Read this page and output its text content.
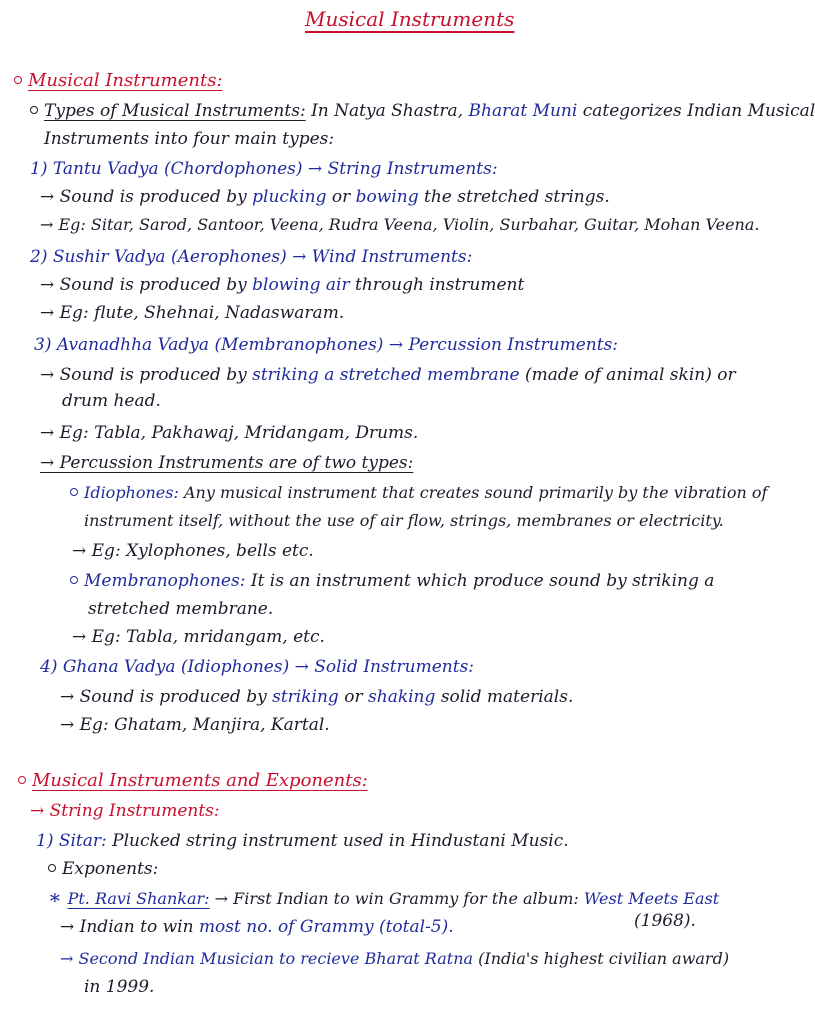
Musical Instruments
Musical Instruments:
Types of Musical Instruments: In Natya Shastra, Bharat Muni categorizes Indian Musical
Instruments into four main types:
1) Tantu Vadya (Chordophones) → String Instruments:
→ Sound is produced by plucking or bowing the stretched strings.
→ Eg: Sitar, Sarod, Santoor, Veena, Rudra Veena, Violin, Surbahar, Guitar, Mohan Veena.
2) Sushir Vadya (Aerophones) → Wind Instruments:
→ Sound is produced by blowing air through instrument
→ Eg: flute, Shehnai, Nadaswaram.
3) Avanadhha Vadya (Membranophones) → Percussion Instruments:
→ Sound is produced by striking a stretched membrane (made of animal skin) or
drum head.
→ Eg: Tabla, Pakhawaj, Mridangam, Drums.
→ Percussion Instruments are of two types:
Idiophones: Any musical instrument that creates sound primarily by the vibration of
instrument itself, without the use of air flow, strings, membranes or electricity.
→ Eg: Xylophones, bells etc.
Membranophones: It is an instrument which produce sound by striking a
stretched membrane.
→ Eg: Tabla, mridangam, etc.
4) Ghana Vadya (Idiophones) → Solid Instruments:
→ Sound is produced by striking or shaking solid materials.
→ Eg: Ghatam, Manjira, Kartal.
Musical Instruments and Exponents:
→ String Instruments:
1) Sitar: Plucked string instrument used in Hindustani Music.
Exponents:
∗ Pt. Ravi Shankar: → First Indian to win Grammy for the album: West Meets East
(1968).
→ Indian to win most no. of Grammy (total-5).
→ Second Indian Musician to recieve Bharat Ratna (India's highest civilian award)
in 1999.
